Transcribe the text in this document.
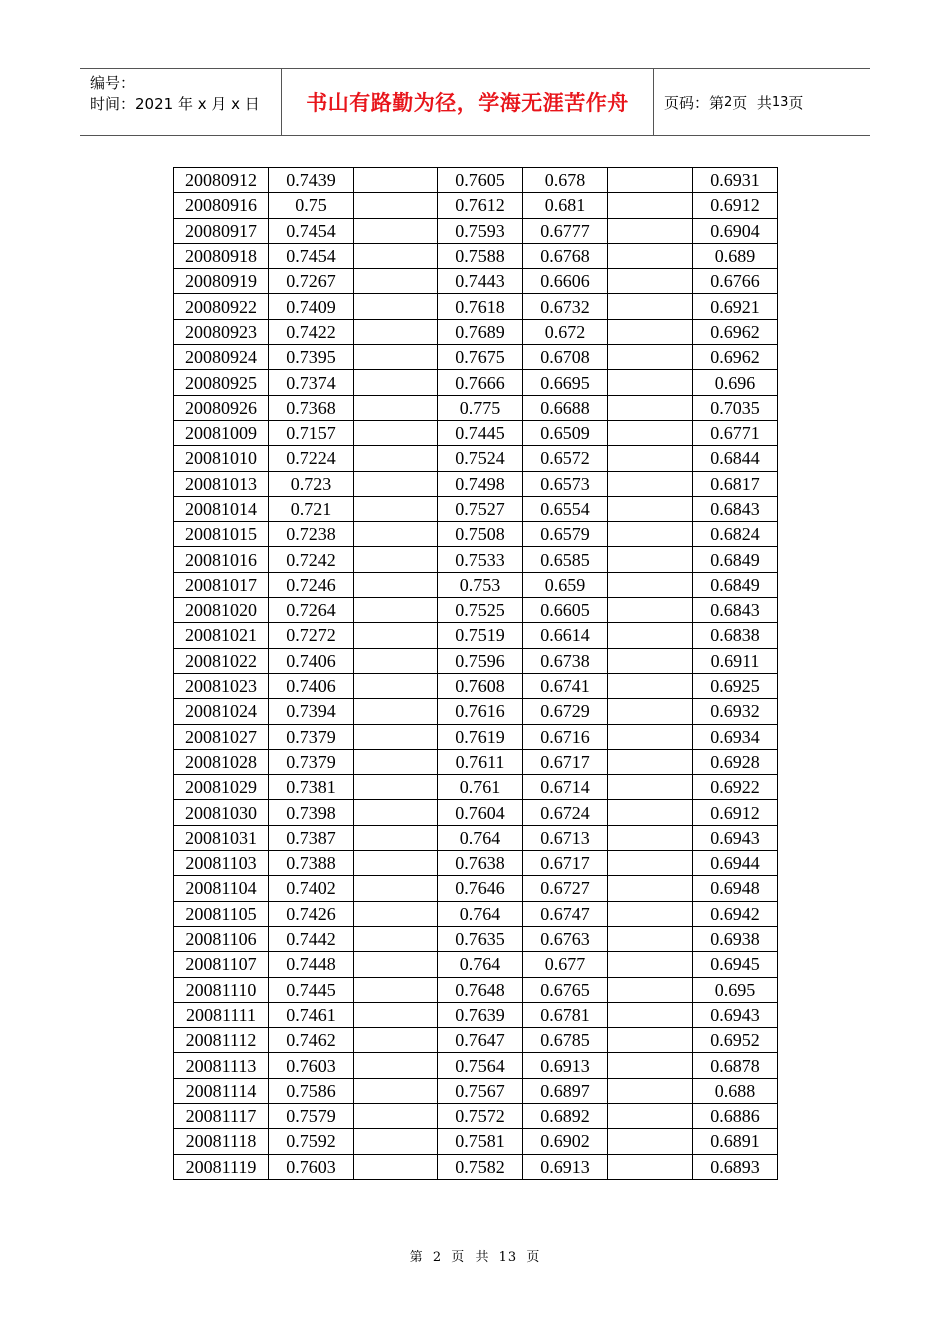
编号：
时间：2021 年 x 月 x 日	书山有路勤为径，学海无涯苦作舟 页码：第 2 页  共 13 页
20080912	0.7439		0.7605	0.678		0.6931
20080916	0.75		0.7612	0.681		0.6912
20080917	0.7454		0.7593	0.6777		0.6904
20080918	0.7454		0.7588	0.6768		0.689
20080919	0.7267		0.7443	0.6606		0.6766
20080922	0.7409		0.7618	0.6732		0.6921
20080923	0.7422		0.7689	0.672		0.6962
20080924	0.7395		0.7675	0.6708		0.6962
20080925	0.7374		0.7666	0.6695		0.696
20080926	0.7368		0.775	0.6688		0.7035
20081009	0.7157		0.7445	0.6509		0.6771
20081010	0.7224		0.7524	0.6572		0.6844
20081013	0.723		0.7498	0.6573		0.6817
20081014	0.721		0.7527	0.6554		0.6843
20081015	0.7238		0.7508	0.6579		0.6824
20081016	0.7242		0.7533	0.6585		0.6849
20081017	0.7246		0.753	0.659		0.6849
20081020	0.7264		0.7525	0.6605		0.6843
20081021	0.7272		0.7519	0.6614		0.6838
20081022	0.7406		0.7596	0.6738		0.6911
20081023	0.7406		0.7608	0.6741		0.6925
20081024	0.7394		0.7616	0.6729		0.6932
20081027	0.7379		0.7619	0.6716		0.6934
20081028	0.7379		0.7611	0.6717		0.6928
20081029	0.7381		0.761	0.6714		0.6922
20081030	0.7398		0.7604	0.6724		0.6912
20081031	0.7387		0.764	0.6713		0.6943
20081103	0.7388		0.7638	0.6717		0.6944
20081104	0.7402		0.7646	0.6727		0.6948
20081105	0.7426		0.764	0.6747		0.6942
20081106	0.7442		0.7635	0.6763		0.6938
20081107	0.7448		0.764	0.677		0.6945
20081110	0.7445		0.7648	0.6765		0.695
20081111	0.7461		0.7639	0.6781		0.6943
20081112	0.7462		0.7647	0.6785		0.6952
20081113	0.7603		0.7564	0.6913		0.6878
20081114	0.7586		0.7567	0.6897		0.688
20081117	0.7579		0.7572	0.6892		0.6886
20081118	0.7592		0.7581	0.6902		0.6891
20081119	0.7603		0.7582	0.6913		0.6893
第 2 页  共 13 页
